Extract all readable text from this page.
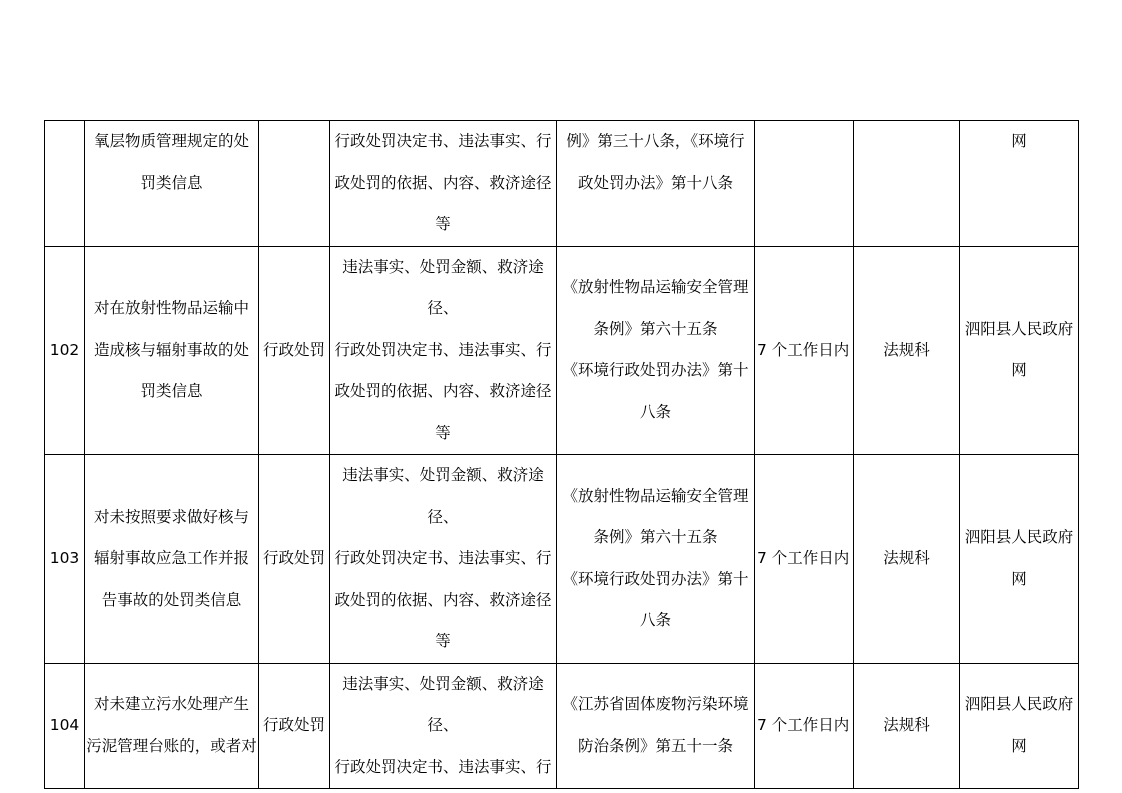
	氧层物质管理规定的处
罚类信息		行政处罚决定书、违法事实、行
政处罚的依据、内容、救济途径
等	例》第三十八条，《环境行
政处罚办法》第十八条			网

102	对在放射性物品运输中
造成核与辐射事故的处
罚类信息	行政处罚	违法事实、处罚金额、救济途径、
行政处罚决定书、违法事实、行
政处罚的依据、内容、救济途径
等	《放射性物品运输安全管理
条例》第六十五条
《环境行政处罚办法》第十
八条	7 个工作日内	法规科	泗阳县人民政府
网

103	对未按照要求做好核与
辐射事故应急工作并报
告事故的处罚类信息	行政处罚	违法事实、处罚金额、救济途径、
行政处罚决定书、违法事实、行
政处罚的依据、内容、救济途径
等	《放射性物品运输安全管理
条例》第六十五条
《环境行政处罚办法》第十
八条	7 个工作日内	法规科	泗阳县人民政府
网

104	对未建立污水处理产生
污泥管理台账的，或者对	行政处罚	违法事实、处罚金额、救济途径、
行政处罚决定书、违法事实、行	《江苏省固体废物污染环境
防治条例》第五十一条	7 个工作日内	法规科	泗阳县人民政府
网
